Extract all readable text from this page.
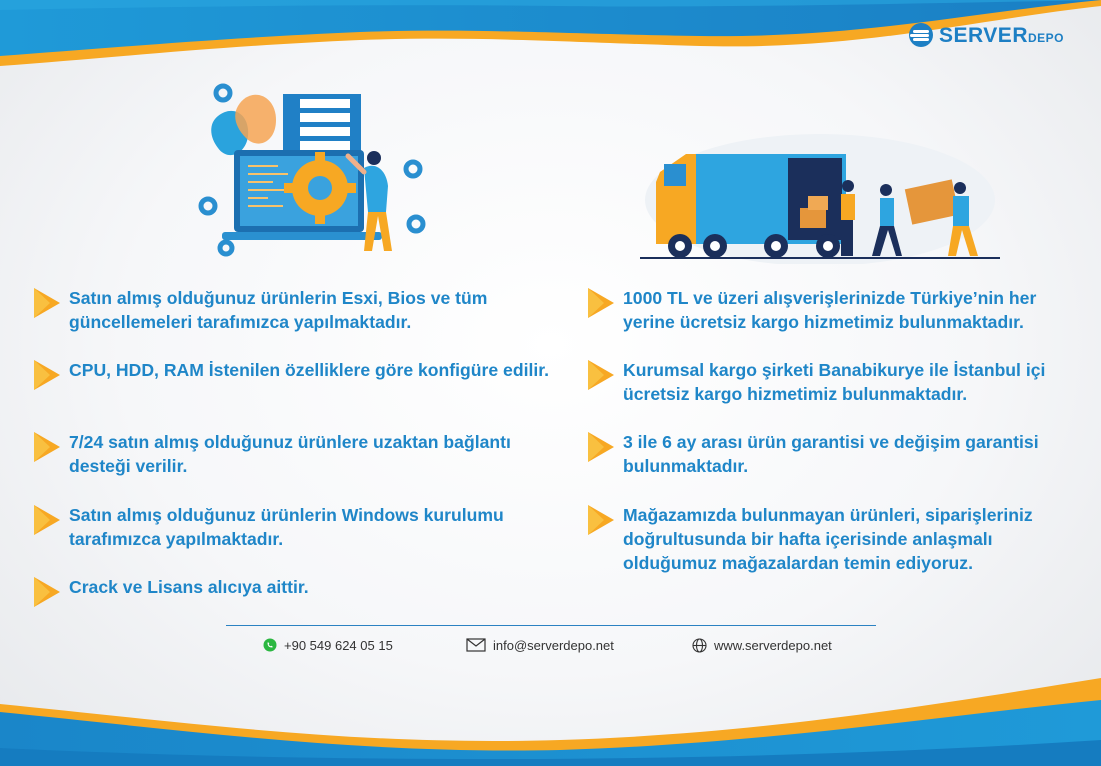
SERVERDEPO
Satın almış olduğunuz ürünlerin Esxi, Bios ve tüm güncellemeleri tarafımızca yapılmaktadır.
CPU, HDD, RAM İstenilen özelliklere göre konfigüre edilir.
7/24 satın almış olduğunuz ürünlere uzaktan bağlantı desteği verilir.
Satın almış olduğunuz ürünlerin Windows kurulumu tarafımızca yapılmaktadır.
Crack ve Lisans alıcıya aittir.
1000 TL ve üzeri alışverişlerinizde Türkiye’nin her yerine ücretsiz kargo hizmetimiz bulunmaktadır.
Kurumsal kargo şirketi Banabikurye ile İstanbul içi ücretsiz kargo hizmetimiz bulunmaktadır.
3 ile 6 ay arası ürün garantisi ve değişim garantisi bulunmaktadır.
Mağazamızda bulunmayan ürünleri, siparişleriniz doğrultusunda bir hafta içerisinde anlaşmalı olduğumuz mağazalardan temin ediyoruz.
+90 549 624 05 15	info@serverdepo.net	www.serverdepo.net
